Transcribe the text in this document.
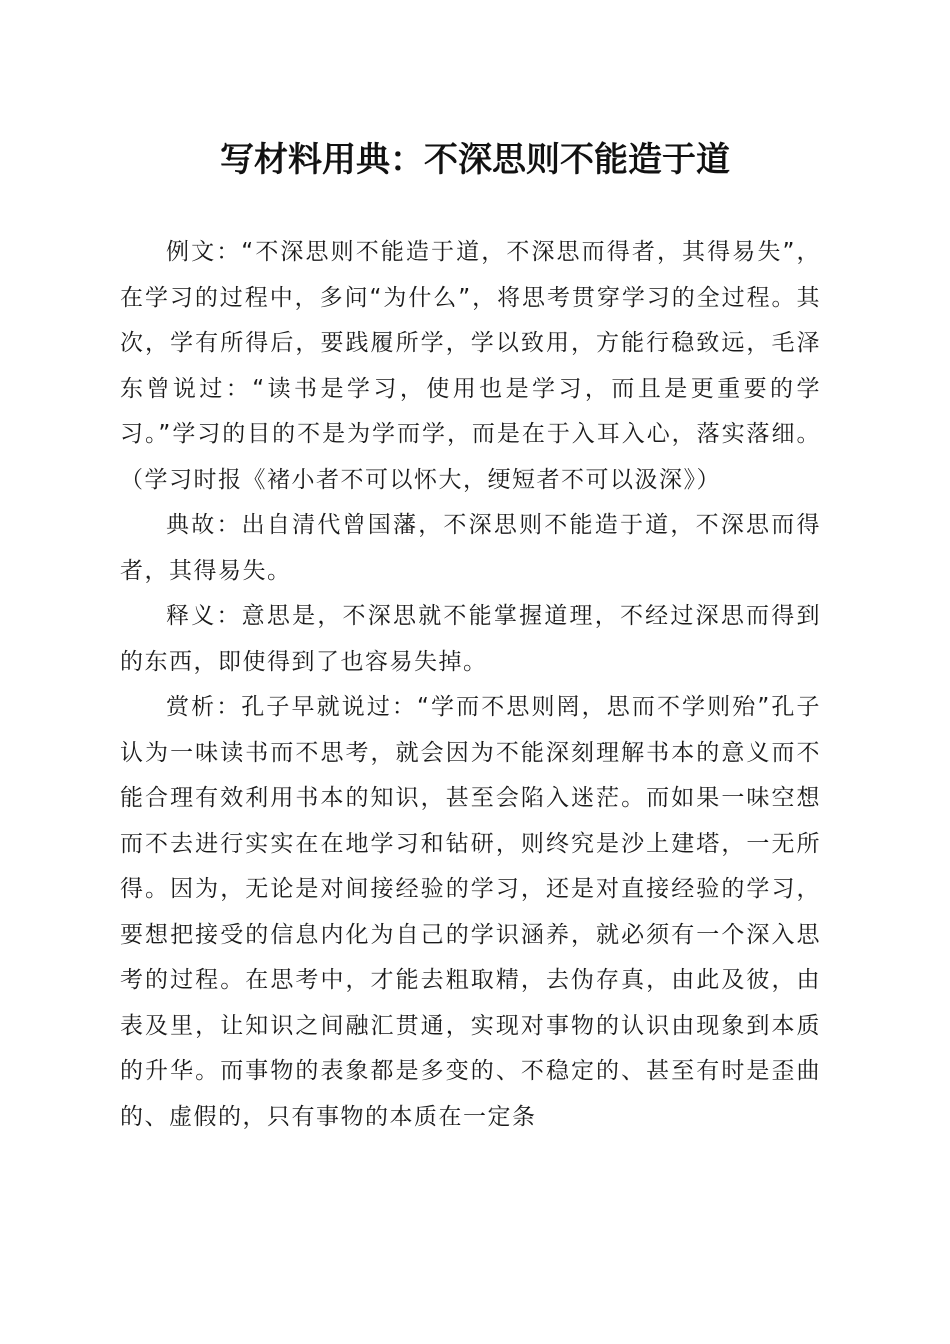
写材料用典：不深思则不能造于道

例文：“不深思则不能造于道，不深思而得者，其得易失”，在学习的过程中，多问“为什么”，将思考贯穿学习的全过程。其次，学有所得后，要践履所学，学以致用，方能行稳致远，毛泽东曾说过：“读书是学习，使用也是学习，而且是更重要的学习。”学习的目的不是为学而学，而是在于入耳入心，落实落细。（学习时报《褚小者不可以怀大，绠短者不可以汲深》）

典故：出自清代曾国藩，不深思则不能造于道，不深思而得者，其得易失。

释义：意思是，不深思就不能掌握道理，不经过深思而得到的东西，即使得到了也容易失掉。

赏析：孔子早就说过：“学而不思则罔，思而不学则殆”孔子认为一味读书而不思考，就会因为不能深刻理解书本的意义而不能合理有效利用书本的知识，甚至会陷入迷茫。而如果一味空想而不去进行实实在在地学习和钻研，则终究是沙上建塔，一无所得。因为，无论是对间接经验的学习，还是对直接经验的学习，要想把接受的信息内化为自己的学识涵养，就必须有一个深入思考的过程。在思考中，才能去粗取精，去伪存真，由此及彼，由表及里，让知识之间融汇贯通，实现对事物的认识由现象到本质的升华。而事物的表象都是多变的、不稳定的、甚至有时是歪曲的、虚假的，只有事物的本质在一定条
